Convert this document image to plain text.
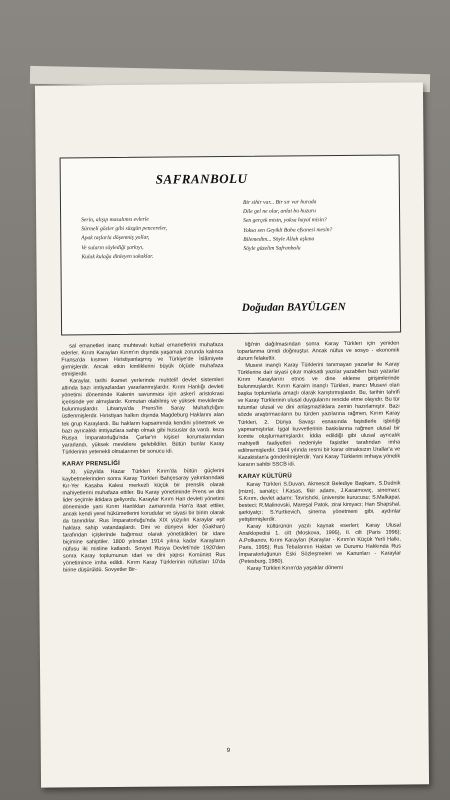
SAFRANBOLU
Serin, alışıp masalımsı evlerle
Sürmeli gözler gibi süzgün pencereler,
Apak taşlarla döşenmiş yollar,
Ve suların söylediği şarkıyı,
Kulak kulağa dinleyen sokaklar.
Bir sihir var... Bir sır var burada
Dile gel ne olur, anlat bu huzuru
Sen gerçek misin, yoksa hayal misin?
Yoksa sen Geyikli Baba efsanesi mesin?
Bilemedim... Söyle Allah aşkına
Söyle güzelim Safranbolu
Doğudan BAYÜLGEN

sal emanetleri inanç muhtevalı kutsal emanetlerini muhafaza ederler. Kırım Karayları Kırım'ın dışında yaşamak zorunda kalınca Fransa'da kısmen Hıristiyanlaşmış ve Türkiye'de İslâmiyete girmişlerdir. Ancak etkin kimliklerini büyük ölçüde muhafaza etmişlerdir.

Karaylar, tarihi ikamet yerlerinde muhtelif devlet sistemleri altında bazı imtiyazlardan yararlanmışlardır. Kırım Hanlığı devleti yönetimi döneminde Kalenin savunması için askerî aristokrasi içerisinde yer almışlardır. Komutan olabilmiş ve yüksek mevkilerde bulunmuşlardır. Litvanya'da Prens'lin Saray Muhafızlığını üstlenmişlerdir. Hıristiyan halkın dışında Magdeburg Haklarını alan tek grup Karaylardı. Bu hakların kapsamında kendini yönetmek ve bazı ayrıcalıklı imtiyazlara sahip olmak gibi hususlar da vardı. keza Rusya İmparatorluğu'nda Çarlar'ın kişisel korumalarından yararlandı, yüksek mevkilere gelebildiler. Bütün bunlar Karay Türklerinin yetenekli olmalarının bir sonucu idi.

KARAY PRENSLİĞİ

XI. yüzyılda Hazar Türkleri Kırım'da bütün güçlerini kaybetmelerinden sonra Karay Türkleri Bahçesaray yakınlarındaki Kır-Yer Kasaba Kalesi merkezli küçük bir prenslik olarak mahiyetlerini muhafaza ettiler. Bu Karay yönetiminde Prens ve dini lider seçimle iktidara geliyordu. Karaylar Kırım Han devleti yönetimi döneminde yani Kırım Hanlıkları zamanında Han'a itaat ettiler, ancak kendi yerel hükümetlerini korudular ve siyasi bir birim olarak da tanındılar. Rus İmparatorluğu'nda XIX yüzyılın Karaylar eşit haklara sahip vatandaşlardı. Dini ve dünyevi lider (Gakhan) tarafından içişlerinde bağımsız olarak yönetildikleri bir idare biçimine sahiptiler. 1800 yılından 1914 yılına kadar Karayların nüfusu iki misline katlandı. Sovyet Rusya Devleti'nde 1920'den sonra Karay toplumunun idari ve dini yapısı Komünist Rus yönetimince imha edildi. Kırım Karay Türklerinin nüfusları 10'da birine düşürüldü. Sovyetler Bir-

liği'nin dağılmasından sonra Karay Türkleri için yeniden toparlanma ümidi doğmuştur. Ancak nüfus ve sosyo - ekonomik durum felakettir.

Musevi inançlı Karay Türklerini tanımayan yazarlar ile Karay Türklerine dair siyasi çıkar maksatlı yazılar yazabilen bazı yazarlar Kırım Karaylarını etnos ve dine ekleme girişimlerinde bulunmuşlardır. Kırım Karaim inançlı Türkleri, inancı Musevi olan başka toplumlarla amaçlı olarak karıştırmışlardır. Bu, tarihin tahrifi ve Karay Türklerinin ulusal duygularını rencide etme olayıdır. Bu tür tutumlar ulusal ve dini anlaşmazlıklara zemin hazırlamıştır. Bazı sözde araştırmacıların bu türden yazılarına rağmen, Kırım Karay Türkleri, 2. Dünya Savaşı esnasında faşistlerle işbirliği yapmamıştırlar. İşgal kuvvetlerinin baskılarına rağmen ulusal bir komite oluşturmamışlardır. İddia edildiği gibi ulusal ayrıcalık mahiyetli faaliyetleri nedeniyle faşistler tarafından imha edilmemişlerdir. 1944 yılında resmi bir karar olmaksızın Urallar'a ve Kazakistan'a gönderilmişlerdir. Yani Karay Türklerini imhaya yönelik kararın sahibi SSCB idi.

KARAY KÜLTÜRÜ

Karay Türkleri S.Duvan, Akmescit Belediye Başkanı, S.Dudnik (mizn), sanatçı; İ.Kasas, fikir adamı, J.Karaimoviç, sinemacı; S.Kırım, devlet adamı; Tavrishcki, üniversite kurucusu; S.Malkapar, besteci; R.Malinovski, Mareşal Patok, zirai kimyacı; Han Shapshal, şarkiyatçı; S.Yurtkevich, sinema yönetmeni gibi, aydınlar yetiştirmişlerdir.

Karay kültürünün yazılı kaynak eserleri; Karay Ulusal Ansiklopedisi 1. cilt (Moskova, 1995), II. cilt (Paris 1996); A.Polkanov, Kırım Karayları (Karaylar - Kırım'ın Küçük Yerli Halkı, Paris, 1995); Rus Tebalarının Hakları ve Durumu Hakkında Rus İmparatorluğunun Eski Sözleşmeleri ve Kanunları - Karaylar (Petesburg, 1980).

Karay Türkleri Kırım'da yaşaklar dönemi

9
